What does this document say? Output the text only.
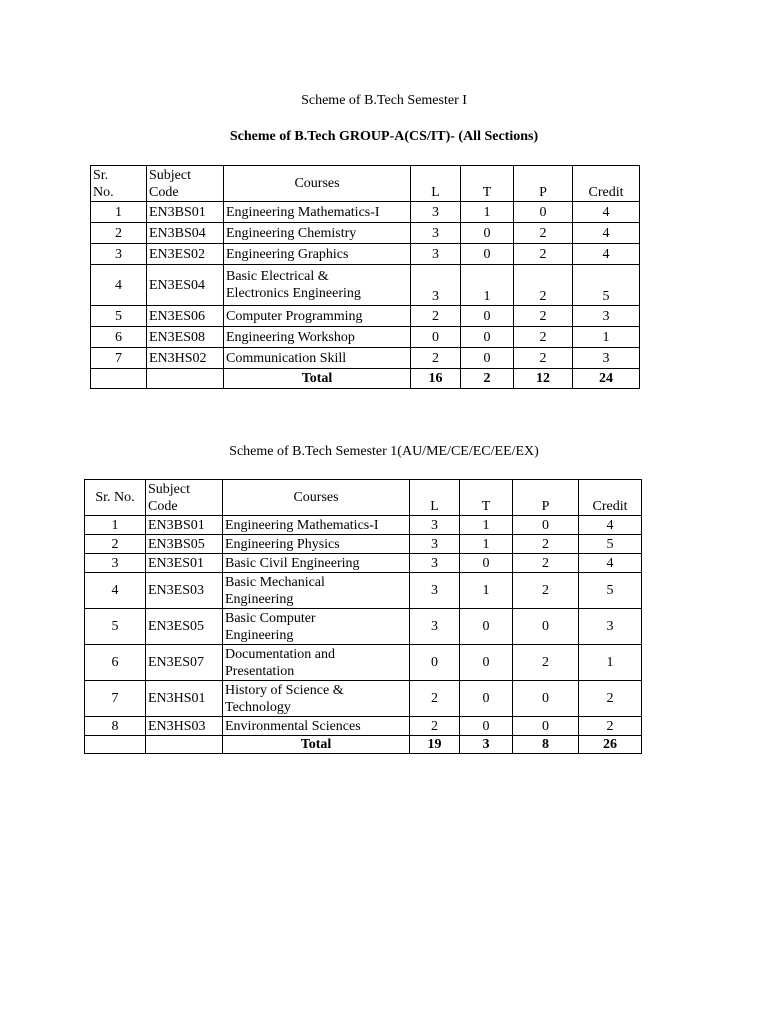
Scheme of B.Tech Semester I
Scheme of B.Tech GROUP-A(CS/IT)- (All Sections)
Sr.
No.	Subject
Code	Courses	L	T	P	Credit
1	EN3BS01	Engineering Mathematics-I	3	1	0	4
2	EN3BS04	Engineering Chemistry	3	0	2	4
3	EN3ES02	Engineering Graphics	3	0	2	4
4	EN3ES04	Basic Electrical &
Electronics Engineering	3	1	2	5
5	EN3ES06	Computer Programming	2	0	2	3
6	EN3ES08	Engineering Workshop	0	0	2	1
7	EN3HS02	Communication Skill	2	0	2	3
		Total	16	2	12	24
Scheme of B.Tech Semester 1(AU/ME/CE/EC/EE/EX)
Sr. No.	Subject
Code	Courses	L	T	P	Credit
1	EN3BS01	Engineering Mathematics-I	3	1	0	4
2	EN3BS05	Engineering Physics	3	1	2	5
3	EN3ES01	Basic Civil Engineering	3	0	2	4
4	EN3ES03	Basic Mechanical
Engineering	3	1	2	5
5	EN3ES05	Basic Computer
Engineering	3	0	0	3
6	EN3ES07	Documentation and
Presentation	0	0	2	1
7	EN3HS01	History of Science &
Technology	2	0	0	2
8	EN3HS03	Environmental Sciences	2	0	0	2
		Total	19	3	8	26
